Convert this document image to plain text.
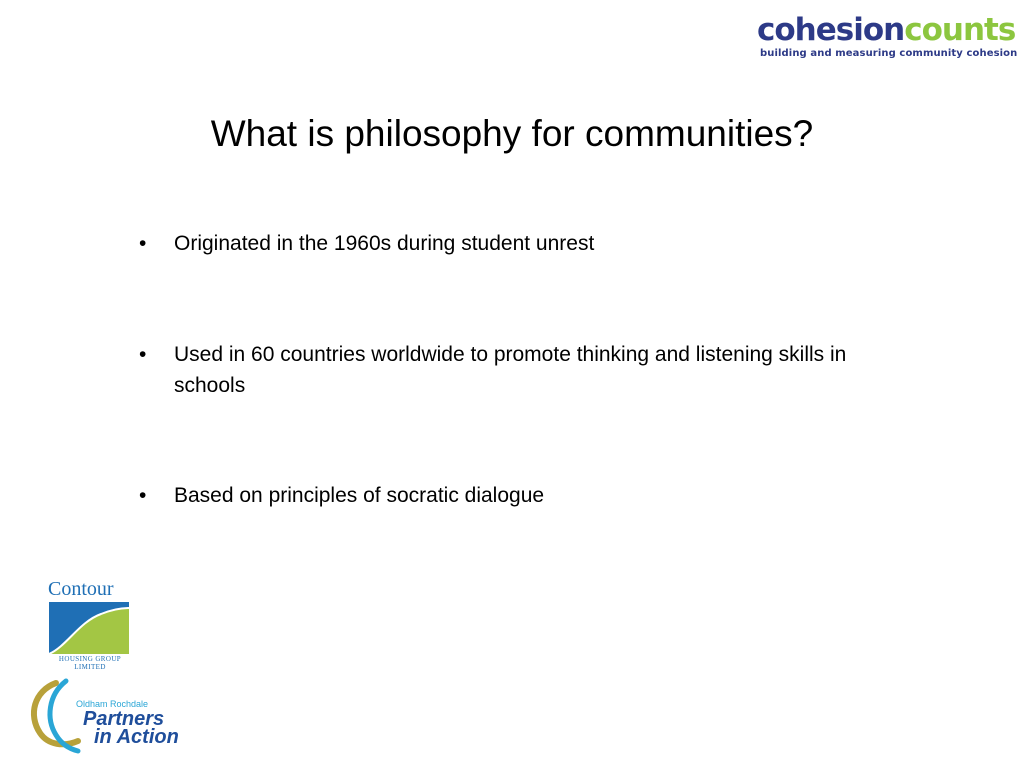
cohesioncounts
building and measuring community cohesion
What is philosophy for communities?
• Originated in the 1960s during student unrest
• Used in 60 countries worldwide to promote thinking and listening skills in schools
• Based on principles of socratic dialogue
Contour
HOUSING GROUP
LIMITED
Oldham Rochdale
Partners
in Action
